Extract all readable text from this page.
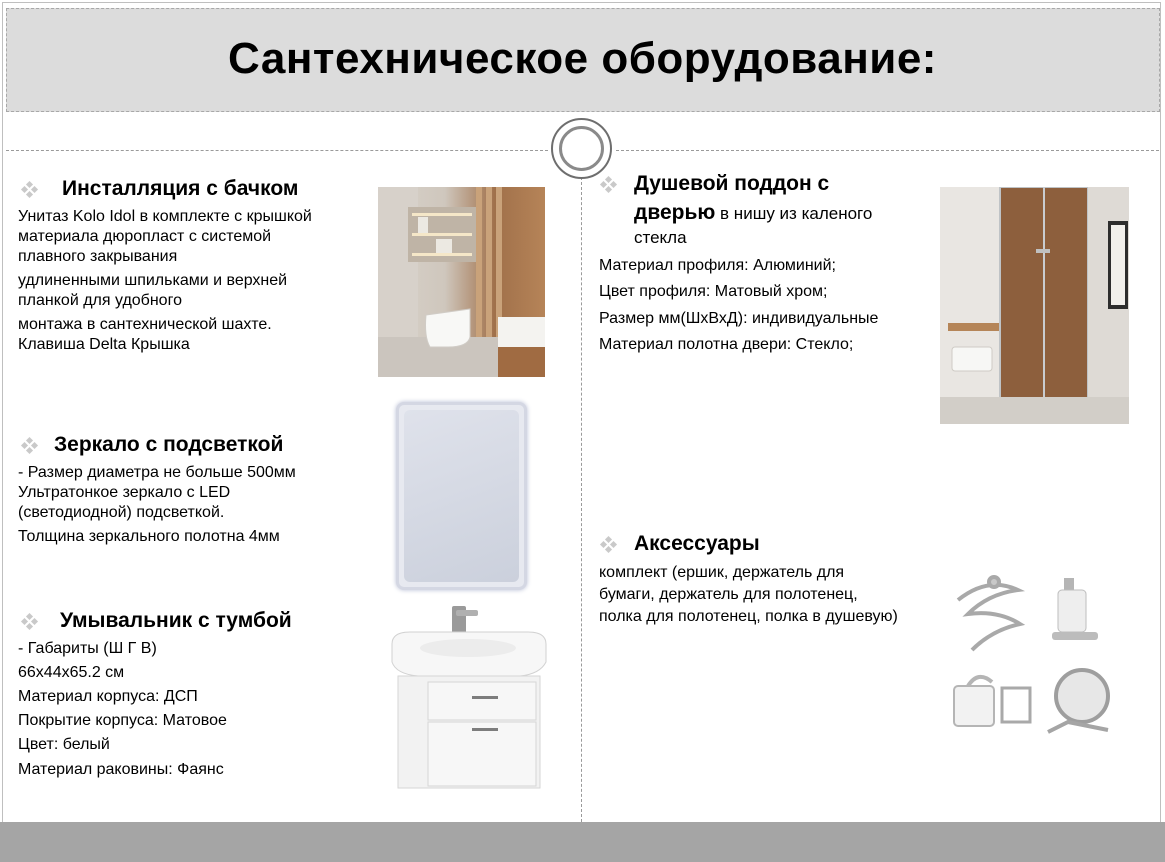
Сантехническое оборудование:
Инсталляция с бачком
Унитаз Kolo Idol в комплекте с крышкой
материала дюропласт с системой
плавного закрывания
удлиненными шпильками и верхней
планкой для удобного
монтажа в сантехнической шахте.
Клавиша Delta Крышка
Зеркало с подсветкой
- Размер диаметра не больше 500мм
Ультратонкое зеркало с LED
(светодиодной) подсветкой.
Толщина зеркального полотна 4мм
Умывальник с тумбой
- Габариты (Ш Г В)
66х44х65.2 см
Материал корпуса: ДСП
Покрытие корпуса: Матовое
Цвет: белый
Материал раковины: Фаянс
Душевой поддон с
дверью в нишу из каленого
стекла
Материал профиля: Алюминий;
Цвет профиля: Матовый хром;
Размер мм(ШхВхД): индивидуальные
Материал полотна двери: Стекло;
Аксессуары
комплект (ершик, держатель для
бумаги, держатель для полотенец,
полка для полотенец, полка в душевую)
